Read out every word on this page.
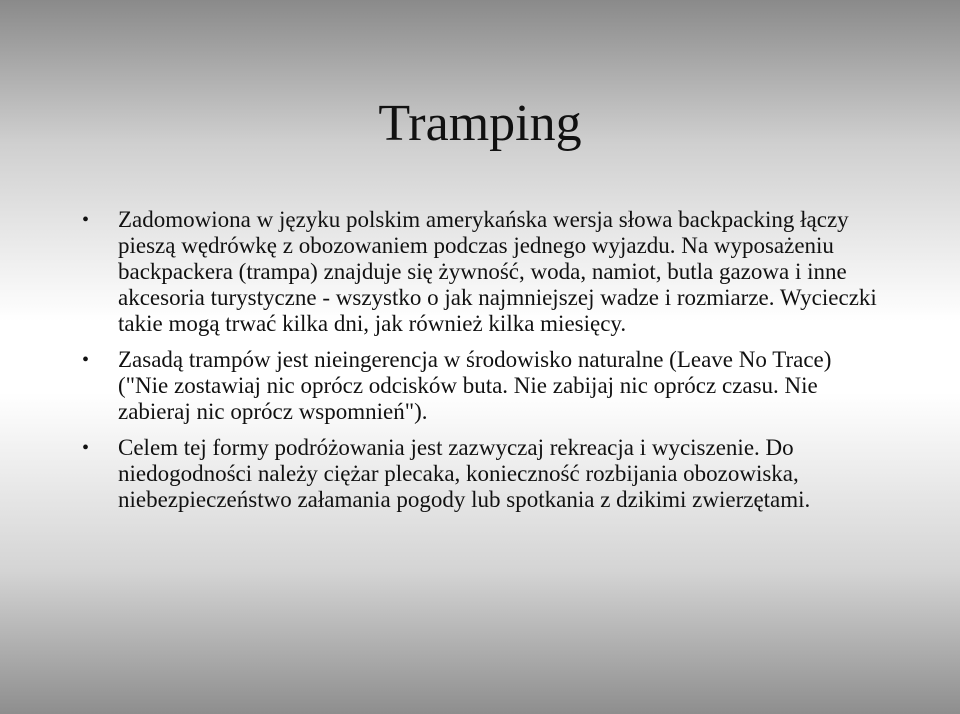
Tramping
• Zadomowiona w języku polskim amerykańska wersja słowa backpacking łączy pieszą wędrówkę z obozowaniem podczas jednego wyjazdu. Na wyposażeniu backpackera (trampa) znajduje się żywność, woda, namiot, butla gazowa i inne akcesoria turystyczne - wszystko o jak najmniejszej wadze i rozmiarze. Wycieczki takie mogą trwać kilka dni, jak również kilka miesięcy.
• Zasadą trampów jest nieingerencja w środowisko naturalne (Leave No Trace) ("Nie zostawiaj nic oprócz odcisków buta. Nie zabijaj nic oprócz czasu. Nie zabieraj nic oprócz wspomnień").
• Celem tej formy podróżowania jest zazwyczaj rekreacja i wyciszenie. Do niedogodności należy ciężar plecaka, konieczność rozbijania obozowiska, niebezpieczeństwo załamania pogody lub spotkania z dzikimi zwierzętami.
